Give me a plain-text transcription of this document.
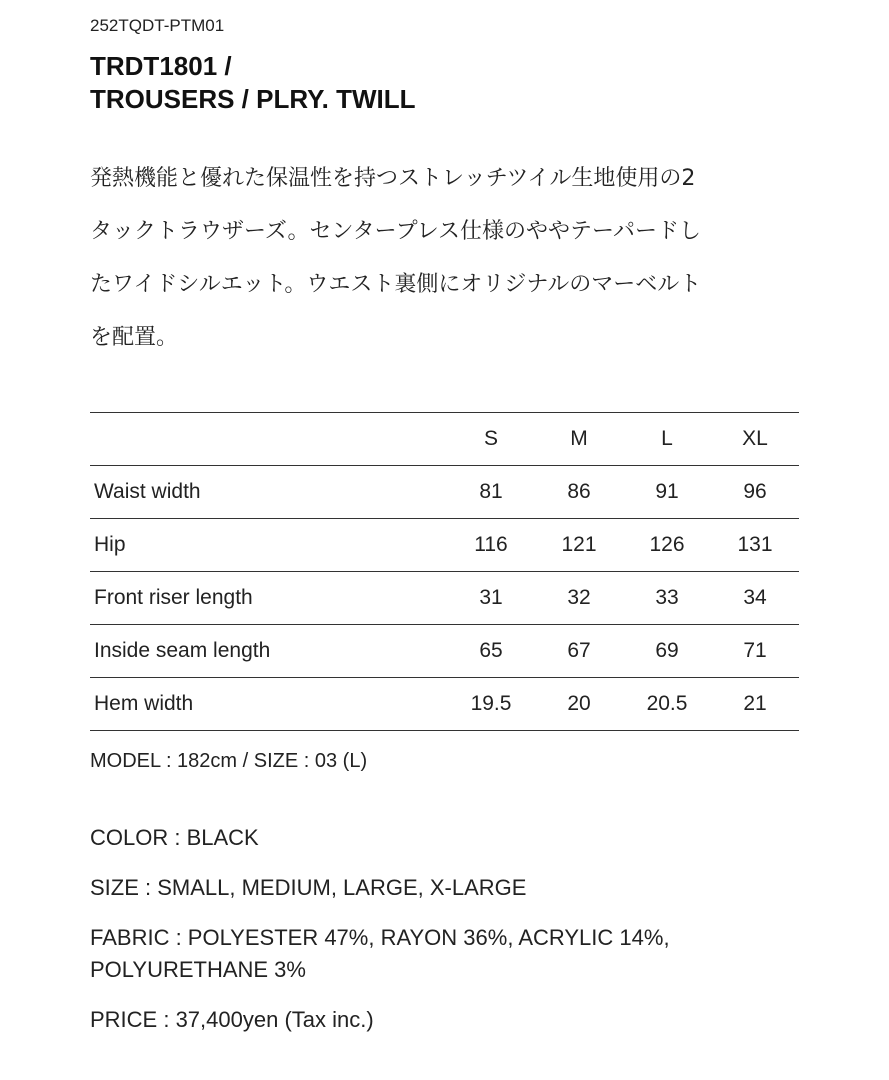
252TQDT-PTM01
TRDT1801 /
TROUSERS / PLRY. TWILL
発熱機能と優れた保温性を持つストレッチツイル生地使用の2
タックトラウザーズ。センタープレス仕様のややテーパードし
たワイドシルエット。ウエスト裏側にオリジナルのマーベルト
を配置。
	S	M	L	XL
Waist width	81	86	91	96
Hip	116	121	126	131
Front riser length	31	32	33	34
Inside seam length	65	67	69	71
Hem width	19.5	20	20.5	21
MODEL : 182cm / SIZE : 03 (L)
COLOR : BLACK
SIZE : SMALL, MEDIUM, LARGE, X-LARGE
FABRIC : POLYESTER 47%, RAYON 36%, ACRYLIC 14%,
POLYURETHANE 3%
PRICE : 37,400yen (Tax inc.)
